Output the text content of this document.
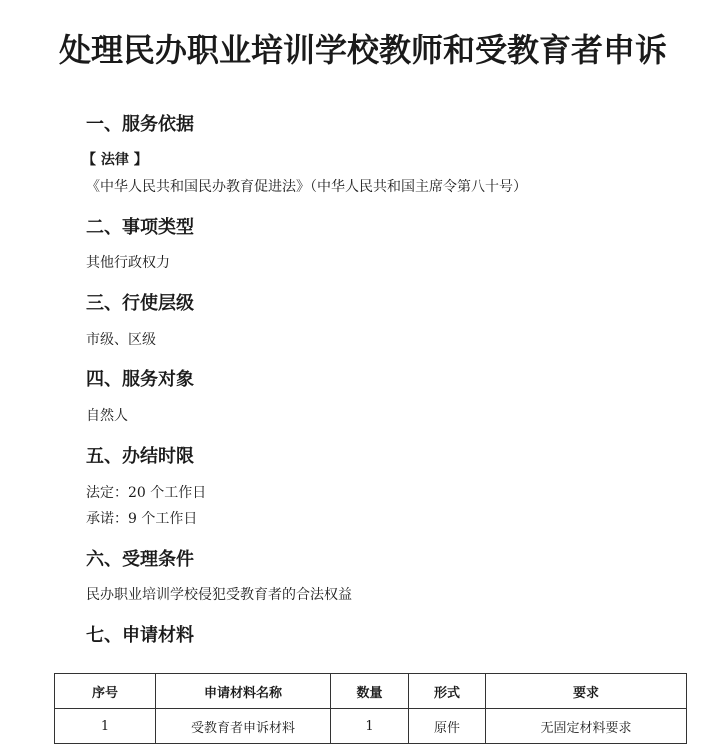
处理民办职业培训学校教师和受教育者申诉
一、服务依据
【 法律 】
《中华人民共和国民办教育促进法》（中华人民共和国主席令第八十号）
二、事项类型
其他行政权力
三、行使层级
市级、区级
四、服务对象
自然人
五、办结时限
法定：20 个工作日
承诺：9 个工作日
六、受理条件
民办职业培训学校侵犯受教育者的合法权益
七、申请材料
序号	申请材料名称	数量	形式	要求
1	受教育者申诉材料	1	原件	无固定材料要求
